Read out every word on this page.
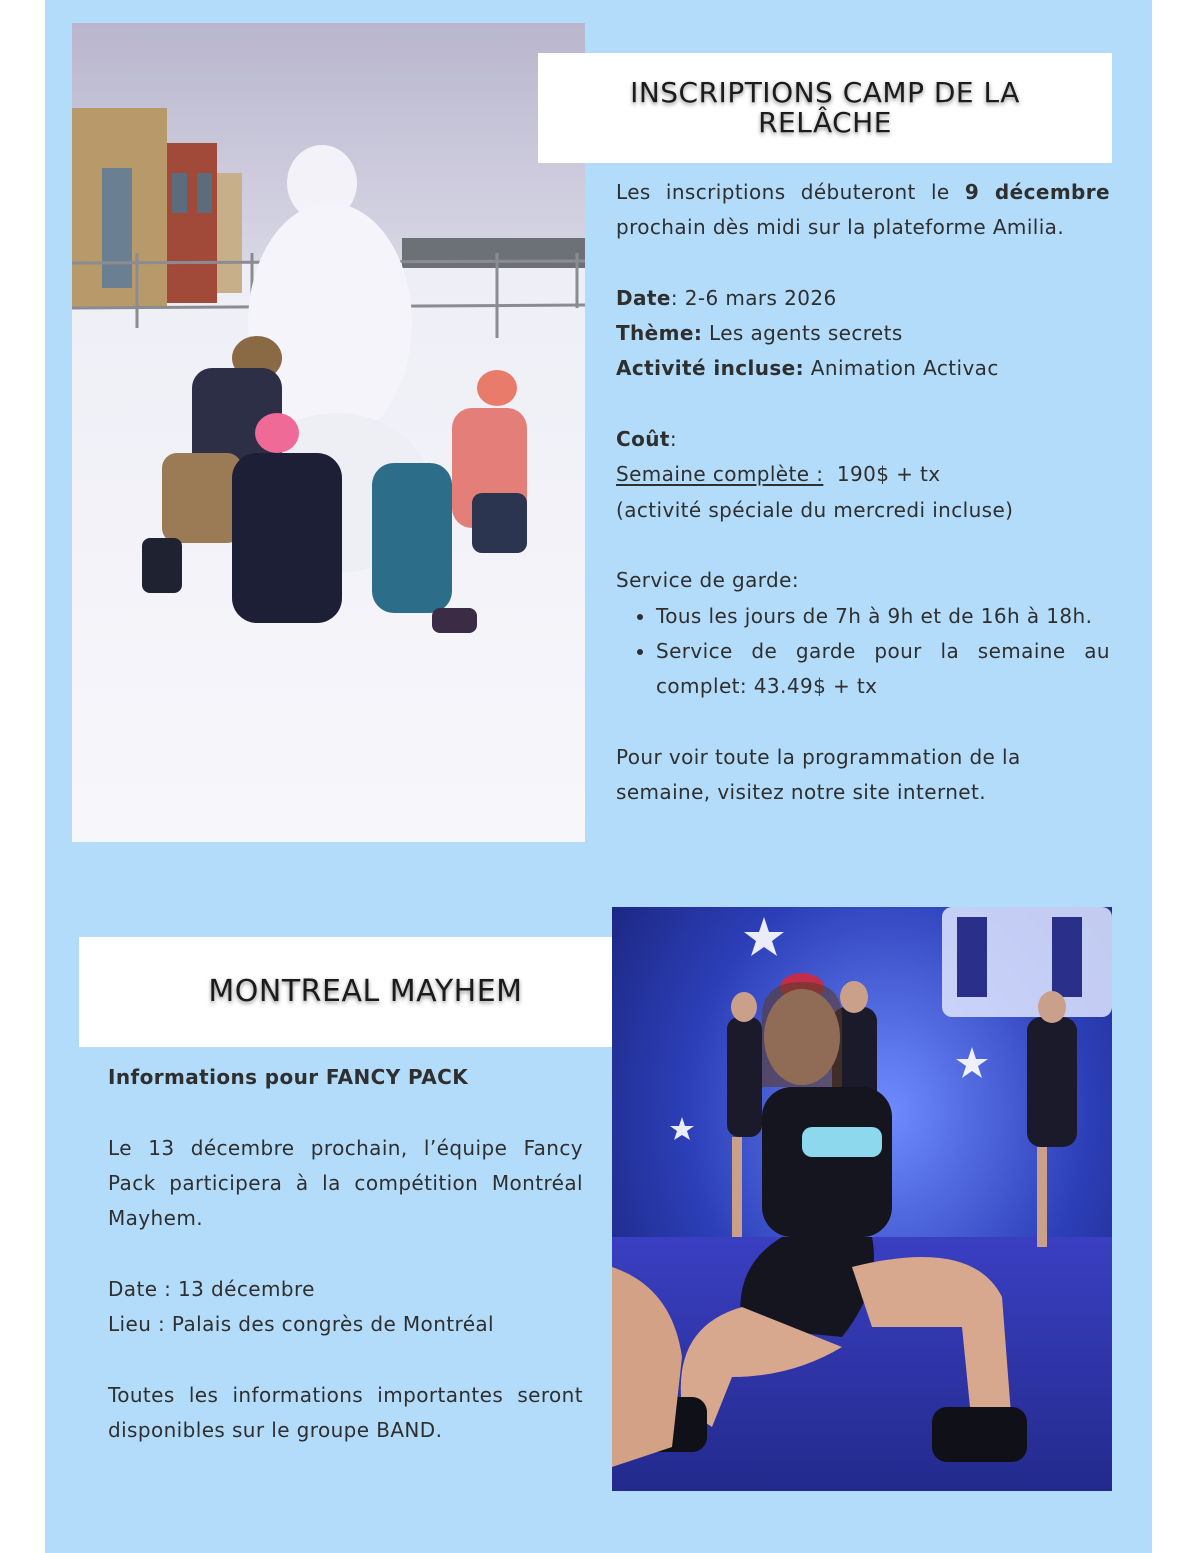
INSCRIPTIONS CAMP DE LA
RELÂCHE

Les inscriptions débuteront le 9 décembre

prochain dès midi sur la plateforme Amilia.

Date: 2-6 mars 2026

Thème: Les agents secrets

Activité incluse: Animation Activac

Coût:

Semaine complète :  190$ + tx

(activité spéciale du mercredi incluse)

Service de garde:

• Tous les jours de 7h à 9h et de 16h à 18h.
• Service de garde pour la semaine au complet: 43.49$ + tx

Pour voir toute la programmation de la semaine, visitez notre site internet.

MONTREAL MAYHEM

Informations pour FANCY PACK

Le 13 décembre prochain, l’équipe Fancy Pack participera à la compétition Montréal Mayhem.

Date : 13 décembre

Lieu : Palais des congrès de Montréal

Toutes les informations importantes seront disponibles sur le groupe BAND.
